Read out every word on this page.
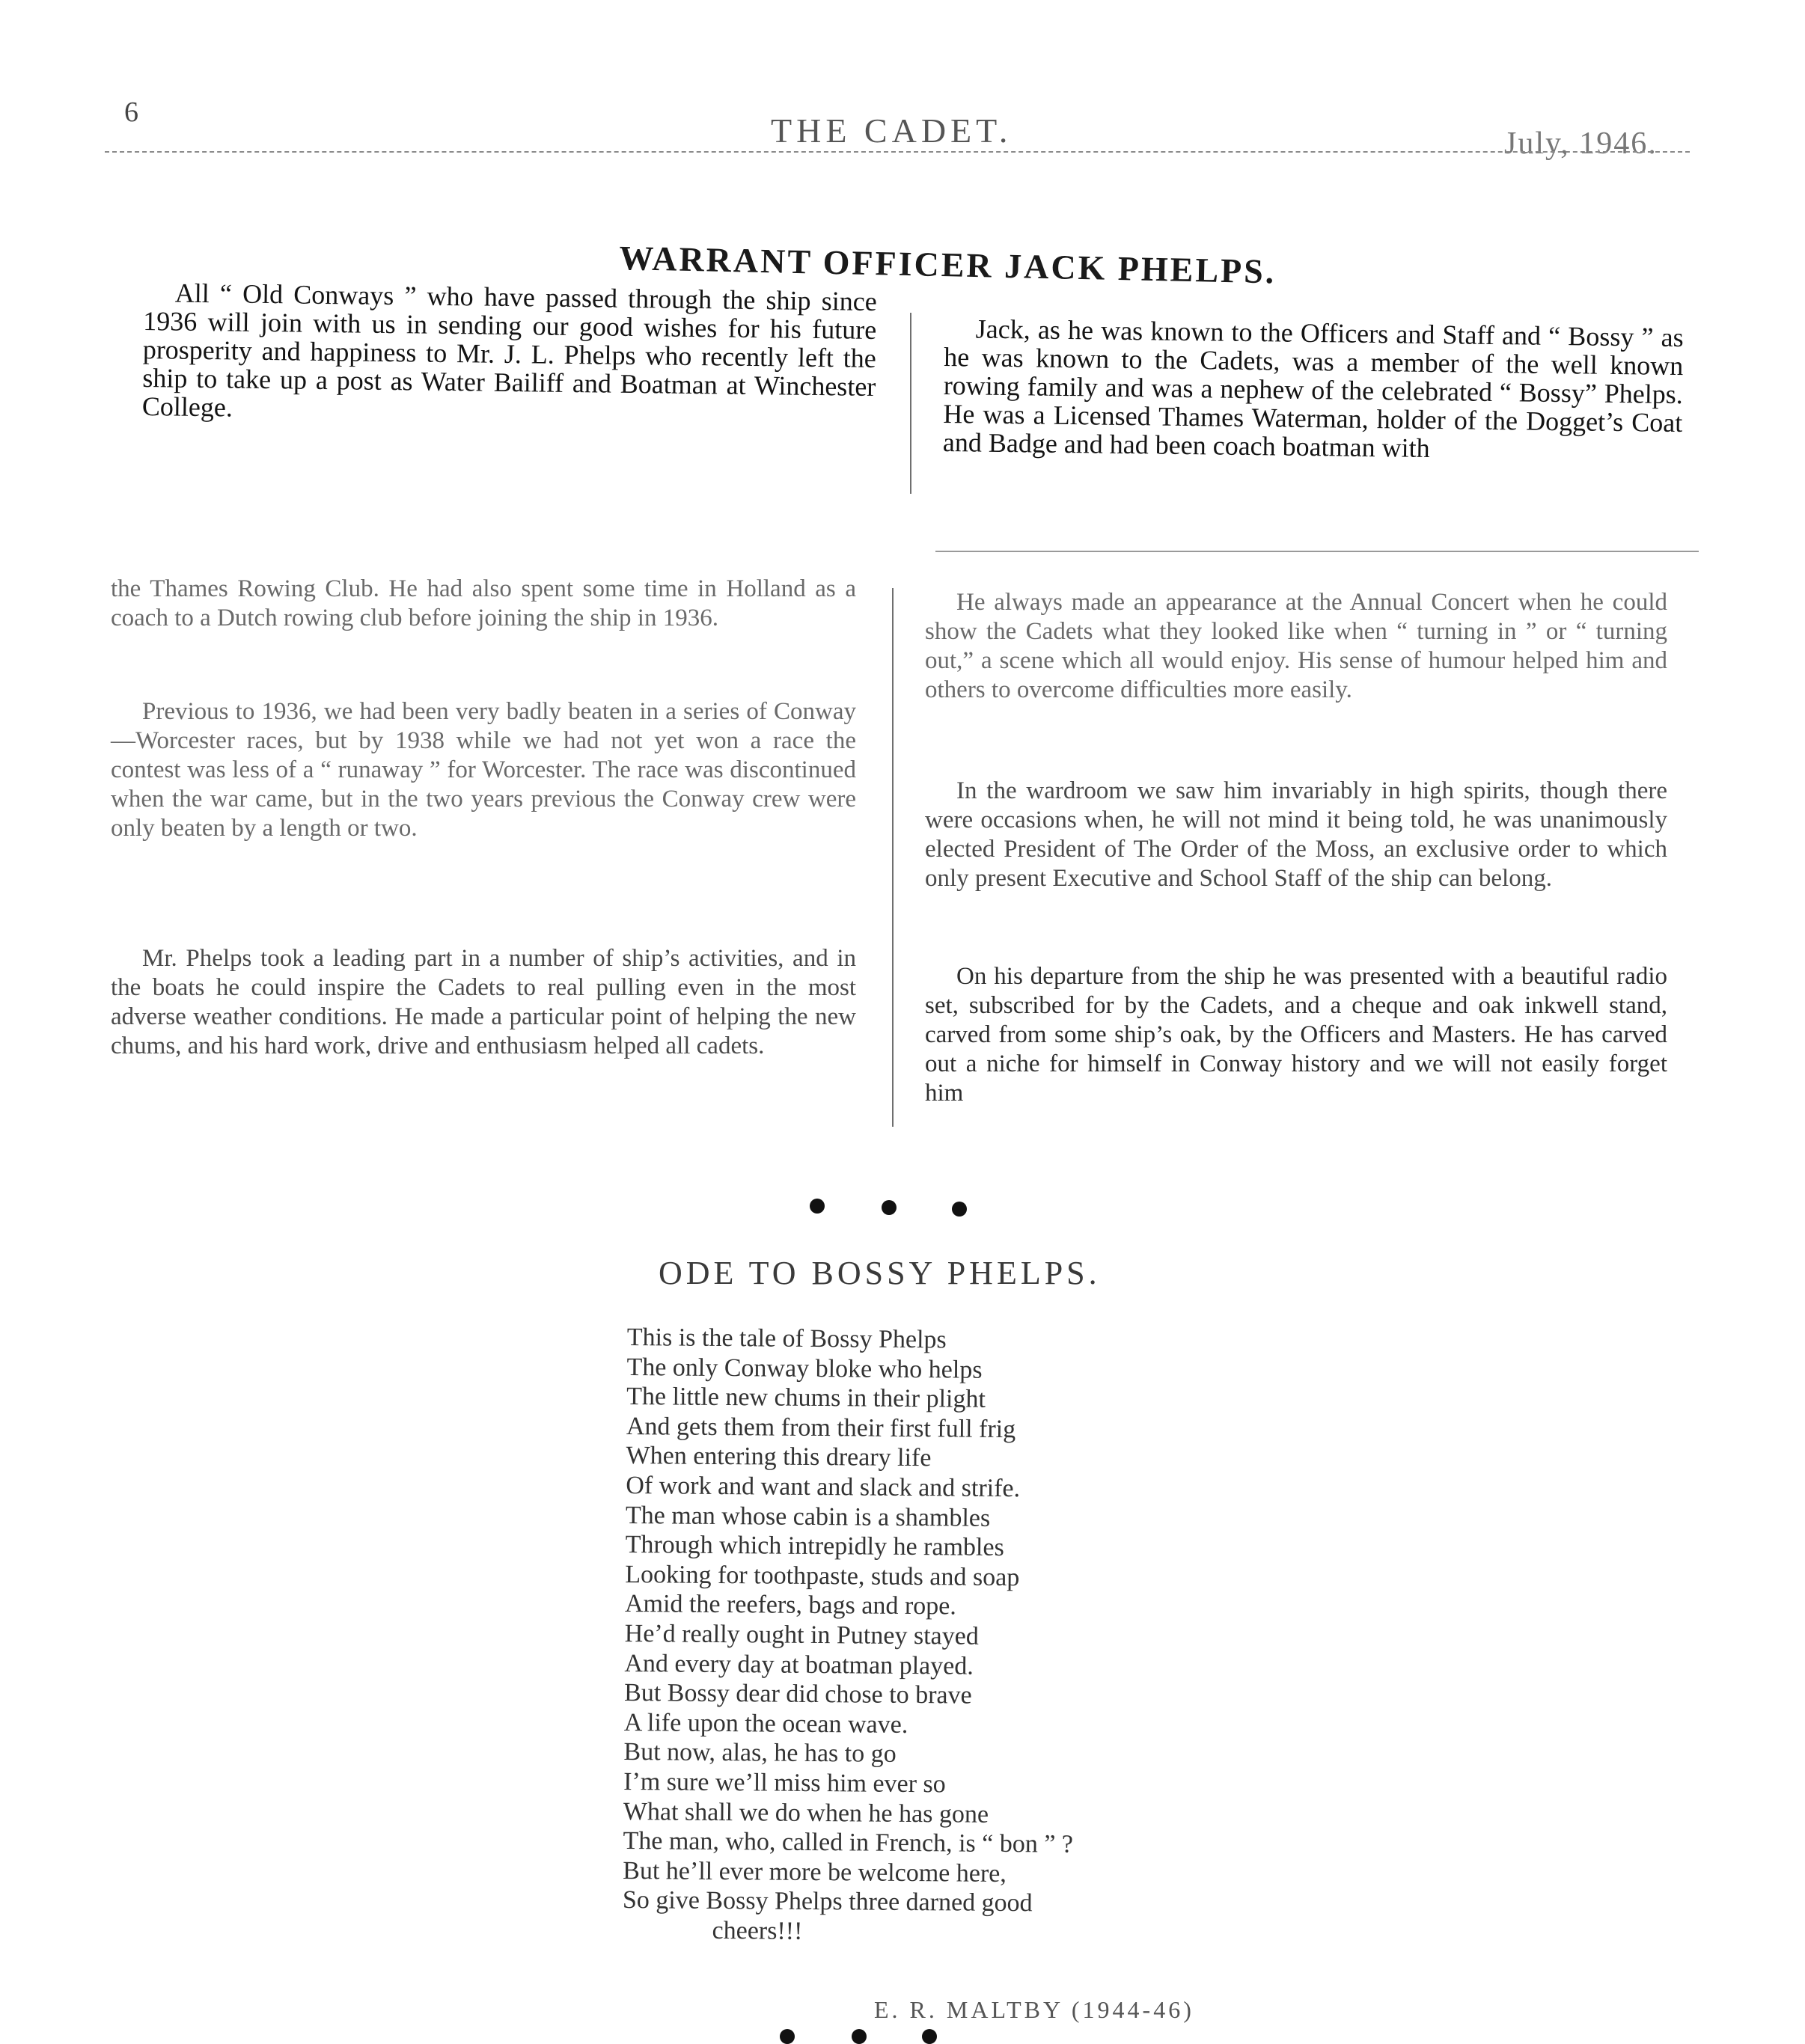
6	THE CADET.	July, 1946.
WARRANT OFFICER JACK PHELPS.
All “ Old Conways ” who have passed through the ship since 1936 will join with us in sending our good wishes for his future prosperity and happiness to Mr. J. L. Phelps who recently left the ship to take up a post as Water Bailiff and Boatman at Winchester College.
Jack, as he was known to the Officers and Staff and “ Bossy ” as he was known to the Cadets, was a member of the well known rowing family and was a nephew of the celebrated “ Bossy” Phelps. He was a Licensed Thames Waterman, holder of the Dogget’s Coat and Badge and had been coach boatman with
the Thames Rowing Club. He had also spent some time in Holland as a coach to a Dutch rowing club before joining the ship in 1936.
Previous to 1936, we had been very badly beaten in a series of Conway—Worcester races, but by 1938 while we had not yet won a race the contest was less of a “ runaway ” for Worcester. The race was discontinued when the war came, but in the two years previous the Conway crew were only beaten by a length or two.
Mr. Phelps took a leading part in a number of ship’s activities, and in the boats he could inspire the Cadets to real pulling even in the most adverse weather conditions. He made a particular point of helping the new chums, and his hard work, drive and enthusiasm helped all cadets.
He always made an appearance at the Annual Concert when he could show the Cadets what they looked like when “ turning in ” or “ turning out,” a scene which all would enjoy. His sense of humour helped him and others to overcome difficulties more easily.
In the wardroom we saw him invariably in high spirits, though there were occasions when, he will not mind it being told, he was unanimously elected President of The Order of the Moss, an exclusive order to which only present Executive and School Staff of the ship can belong.
On his departure from the ship he was presented with a beautiful radio set, subscribed for by the Cadets, and a cheque and oak inkwell stand, carved from some ship’s oak, by the Officers and Masters. He has carved out a niche for himself in Conway history and we will not easily forget him
ODE TO BOSSY PHELPS.
This is the tale of Bossy Phelps
The only Conway bloke who helps
The little new chums in their plight
And gets them from their first full frig
When entering this dreary life
Of work and want and slack and strife.
The man whose cabin is a shambles
Through which intrepidly he rambles
Looking for toothpaste, studs and soap
Amid the reefers, bags and rope.
He’d really ought in Putney stayed
And every day at boatman played.
But Bossy dear did chose to brave
A life upon the ocean wave.
But now, alas, he has to go
I’m sure we’ll miss him ever so
What shall we do when he has gone
The man, who, called in French, is “ bon ” ?
But he’ll ever more be welcome here,
So give Bossy Phelps three darned good
cheers!!!
E. R. MALTBY (1944-46)
